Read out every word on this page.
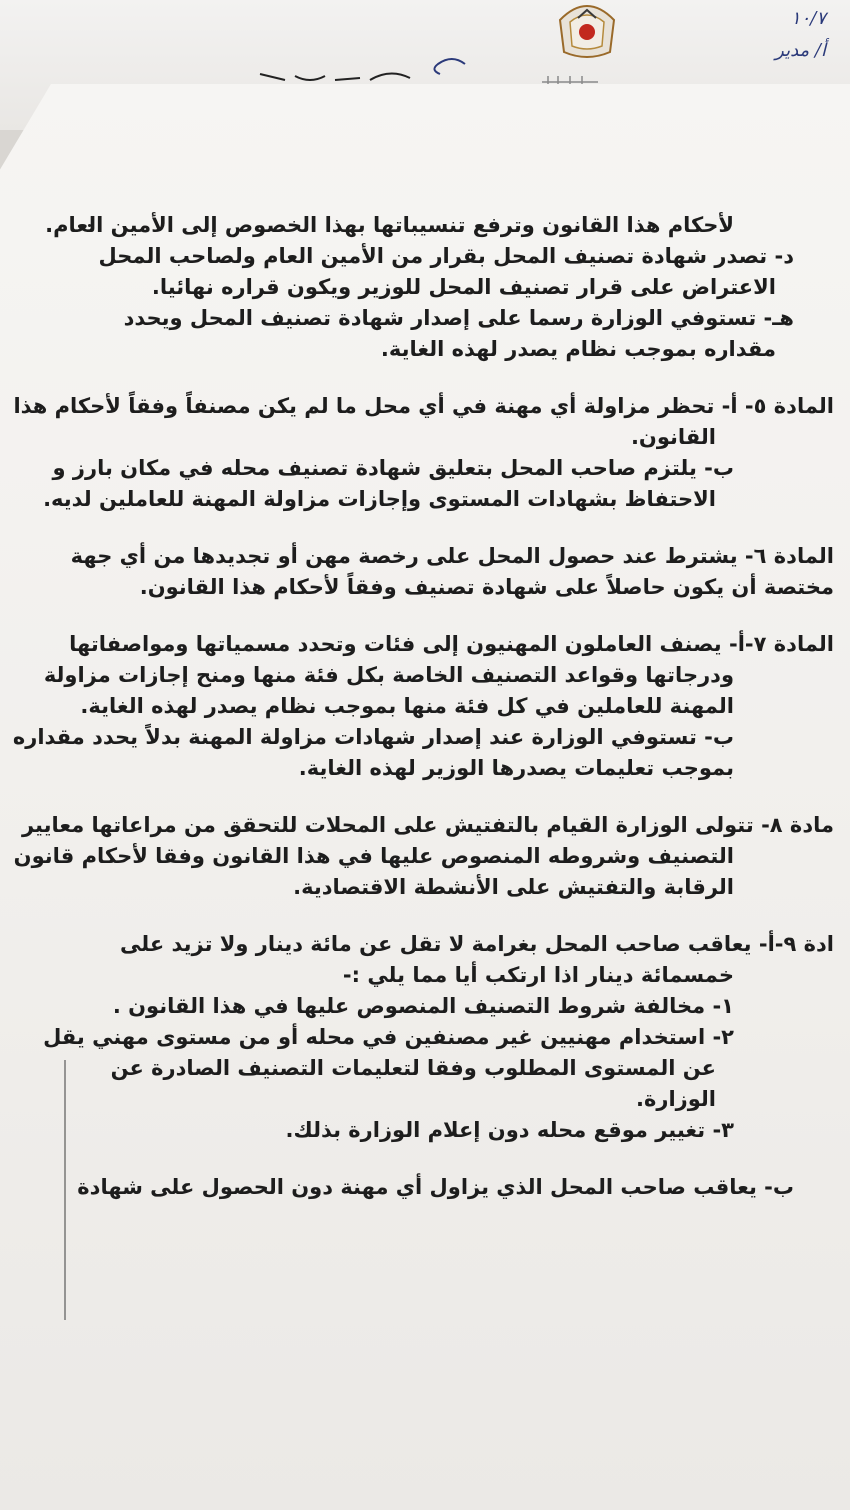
١٠/٧
أ/ مدير
لأحكام هذا القانون وترفع تنسيباتها بهذا الخصوص إلى الأمين العام.
د- تصدر شهادة تصنيف المحل بقرار من الأمين العام ولصاحب المحل
الاعتراض على قرار تصنيف المحل للوزير ويكون قراره نهائيا.
هـ- تستوفي الوزارة رسما على إصدار شهادة تصنيف المحل ويحدد
مقداره بموجب نظام يصدر لهذه الغاية.
المادة ٥- أ- تحظر مزاولة أي مهنة في أي محل ما لم يكن مصنفاً وفقاً لأحكام هذا
القانون.
ب- يلتزم صاحب المحل بتعليق شهادة تصنيف محله في مكان بارز و
الاحتفاظ بشهادات المستوى وإجازات مزاولة المهنة للعاملين لديه.
المادة ٦- يشترط عند حصول المحل على رخصة مهن أو تجديدها من أي جهة
مختصة أن يكون حاصلاً على شهادة تصنيف وفقاً لأحكام هذا القانون.
المادة ٧-أ- يصنف العاملون المهنيون إلى فئات وتحدد مسمياتها ومواصفاتها
ودرجاتها وقواعد التصنيف الخاصة بكل فئة منها ومنح إجازات مزاولة
المهنة للعاملين في كل فئة منها بموجب نظام يصدر لهذه الغاية.
ب- تستوفي الوزارة عند إصدار شهادات مزاولة المهنة بدلاً يحدد مقداره
بموجب تعليمات يصدرها الوزير لهذه الغاية.
مادة ٨- تتولى الوزارة القيام بالتفتيش على المحلات للتحقق من مراعاتها معايير
التصنيف وشروطه المنصوص عليها في هذا القانون وفقا لأحكام قانون
الرقابة والتفتيش على الأنشطة الاقتصادية.
ادة ٩-أ- يعاقب صاحب المحل بغرامة لا تقل عن مائة دينار ولا تزيد على
خمسمائة دينار اذا ارتكب أيا مما يلي :-
١- مخالفة شروط التصنيف المنصوص عليها في هذا القانون .
٢- استخدام مهنيين غير مصنفين في محله أو من مستوى مهني يقل
عن المستوى المطلوب وفقا لتعليمات التصنيف الصادرة عن
الوزارة.
٣- تغيير موقع محله دون إعلام الوزارة بذلك.
ب- يعاقب صاحب المحل الذي يزاول أي مهنة دون الحصول على شهادة
